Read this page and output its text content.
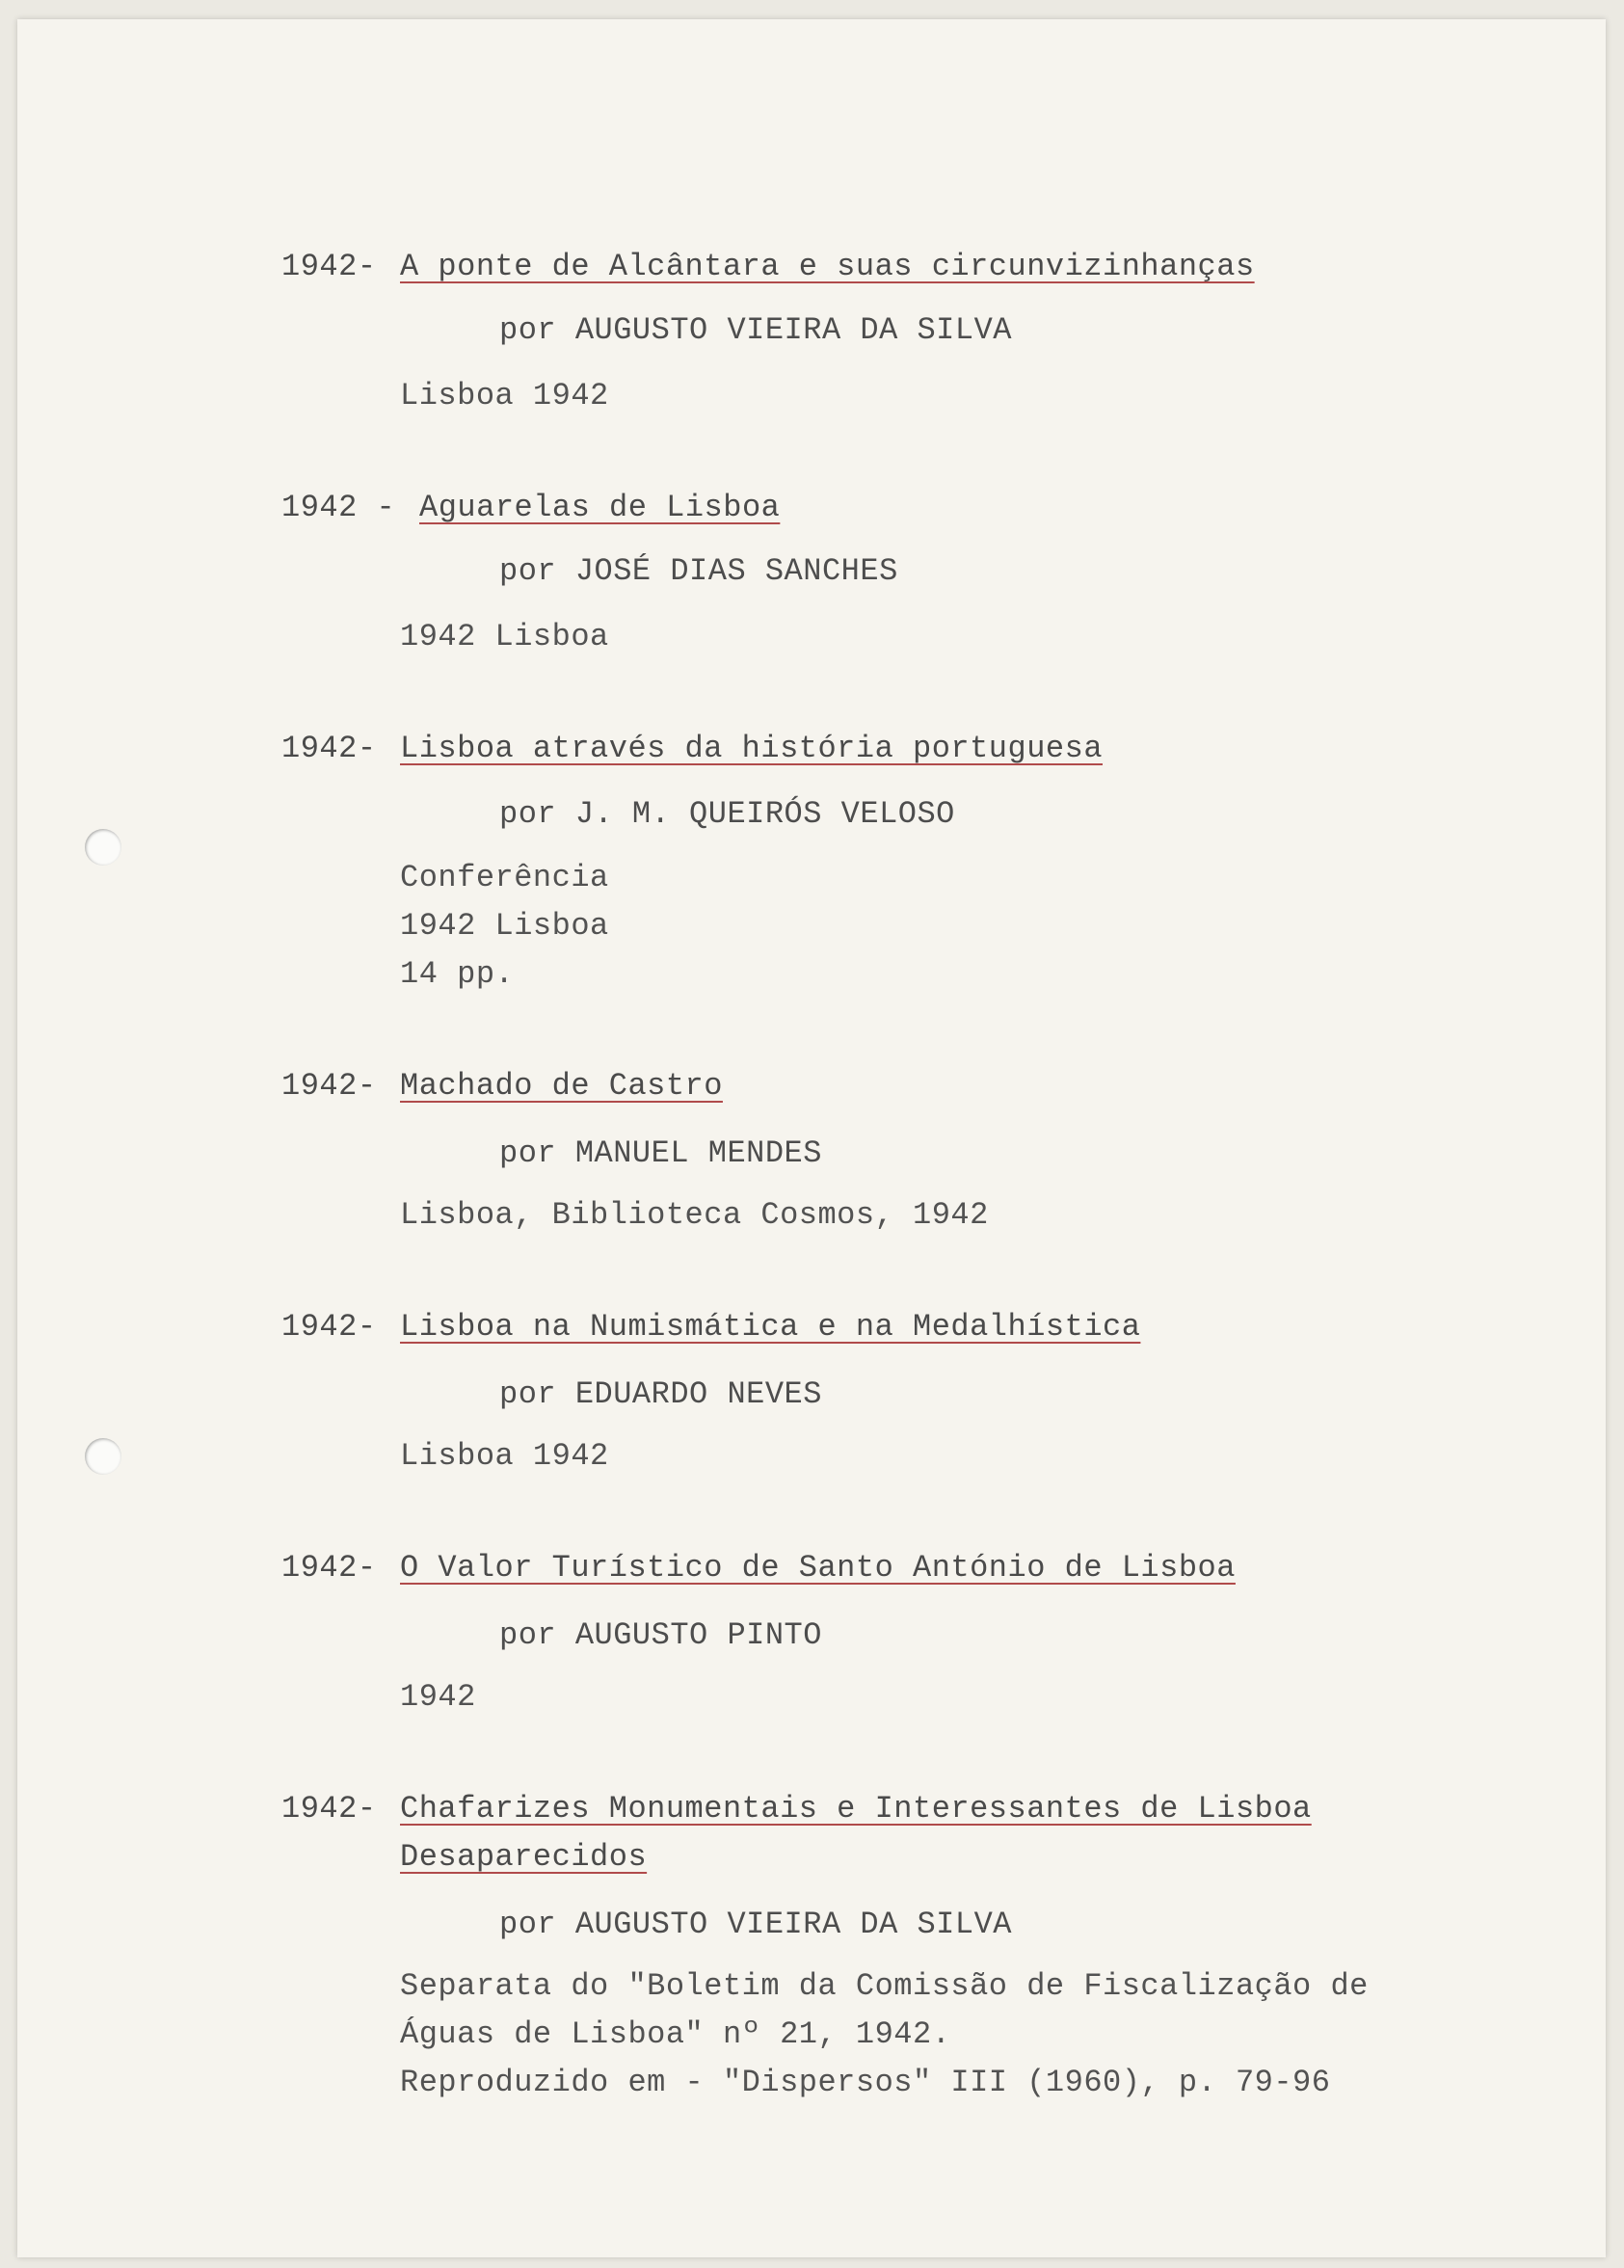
1942- A ponte de Alcântara e suas circunvizinhanças
por AUGUSTO VIEIRA DA SILVA
Lisboa 1942
1942 - Aguarelas de Lisboa
por JOSÉ DIAS SANCHES
1942 Lisboa
1942- Lisboa através da história portuguesa
por J. M. QUEIRÓS VELOSO
Conferência
1942 Lisboa
14 pp.
1942- Machado de Castro
por MANUEL MENDES
Lisboa, Biblioteca Cosmos, 1942
1942- Lisboa na Numismática e na Medalhística
por EDUARDO NEVES
Lisboa 1942
1942- O Valor Turístico de Santo António de Lisboa
por AUGUSTO PINTO
1942
1942- Chafarizes Monumentais e Interessantes de Lisboa
Desaparecidos
por AUGUSTO VIEIRA DA SILVA
Separata do "Boletim da Comissão de Fiscalização de
Águas de Lisboa" nº 21, 1942.
Reproduzido em - "Dispersos" III (1960), p. 79-96
